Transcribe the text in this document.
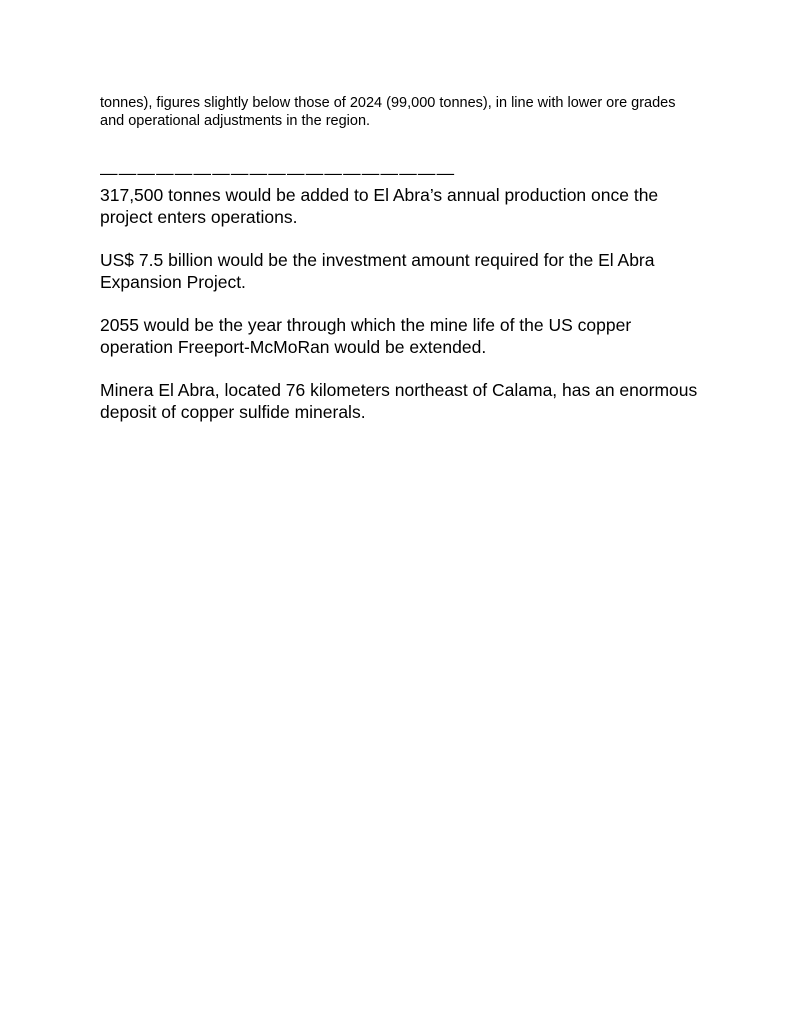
tonnes), figures slightly below those of 2024 (99,000 tonnes), in line with lower ore grades and operational adjustments in the region.

———————————————————

317,500 tonnes would be added to El Abra’s annual production once the project enters operations.

US$ 7.5 billion would be the investment amount required for the El Abra Expansion Project.

2055 would be the year through which the mine life of the US copper operation Freeport-McMoRan would be extended.

Minera El Abra, located 76 kilometers northeast of Calama, has an enormous deposit of copper sulfide minerals.
